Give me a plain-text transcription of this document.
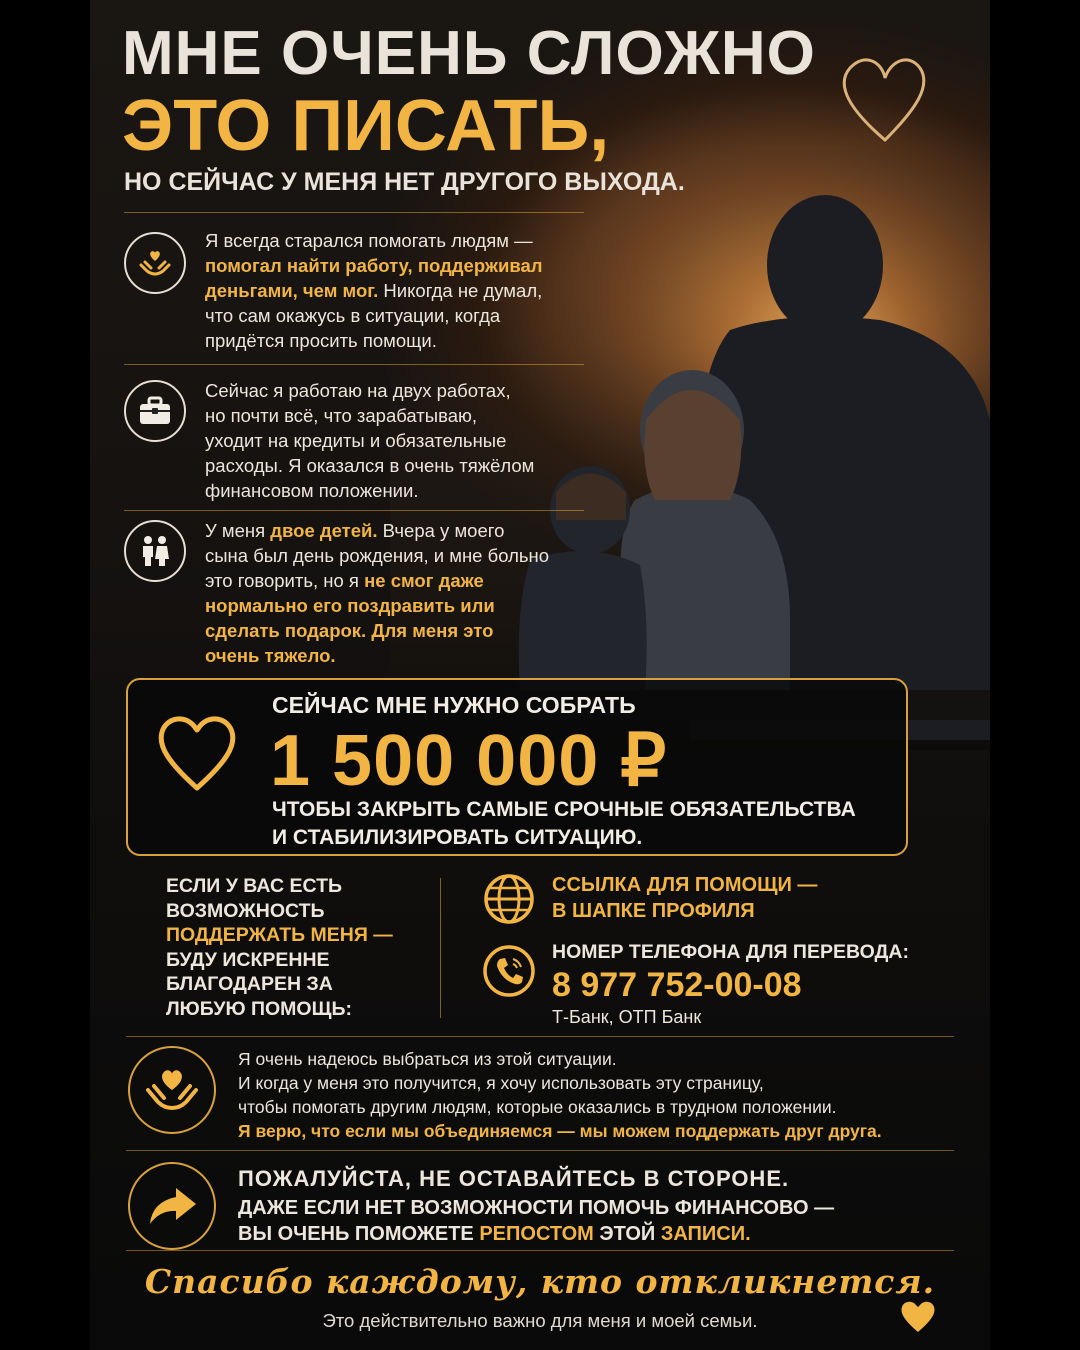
МНЕ ОЧЕНЬ СЛОЖНО
ЭТО ПИСАТЬ,
НО СЕЙЧАС У МЕНЯ НЕТ ДРУГОГО ВЫХОДА.
Я всегда старался помогать людям —
помогал найти работу, поддерживал
деньгами, чем мог. Никогда не думал,
что сам окажусь в ситуации, когда
придётся просить помощи.
Сейчас я работаю на двух работах,
но почти всё, что зарабатываю,
уходит на кредиты и обязательные
расходы. Я оказался в очень тяжёлом
финансовом положении.
У меня двое детей. Вчера у моего
сына был день рождения, и мне больно
это говорить, но я не смог даже
нормально его поздравить или
сделать подарок. Для меня это
очень тяжело.
СЕЙЧАС МНЕ НУЖНО СОБРАТЬ
1 500 000 ₽
ЧТОБЫ ЗАКРЫТЬ САМЫЕ СРОЧНЫЕ ОБЯЗАТЕЛЬСТВА
И СТАБИЛИЗИРОВАТЬ СИТУАЦИЮ.
ЕСЛИ У ВАС ЕСТЬ
ВОЗМОЖНОСТЬ
ПОДДЕРЖАТЬ МЕНЯ —
БУДУ ИСКРЕННЕ
БЛАГОДАРЕН ЗА
ЛЮБУЮ ПОМОЩЬ:
ССЫЛКА ДЛЯ ПОМОЩИ —
В ШАПКЕ ПРОФИЛЯ
НОМЕР ТЕЛЕФОНА ДЛЯ ПЕРЕВОДА:
8 977 752-00-08
Т-Банк, ОТП Банк
Я очень надеюсь выбраться из этой ситуации.
И когда у меня это получится, я хочу использовать эту страницу,
чтобы помогать другим людям, которые оказались в трудном положении.
Я верю, что если мы объединяемся — мы можем поддержать друг друга.
ПОЖАЛУЙСТА, НЕ ОСТАВАЙТЕСЬ В СТОРОНЕ.
ДАЖЕ ЕСЛИ НЕТ ВОЗМОЖНОСТИ ПОМОЧЬ ФИНАНСОВО —
ВЫ ОЧЕНЬ ПОМОЖЕТЕ РЕПОСТОМ ЭТОЙ ЗАПИСИ.
Спасибо каждому, кто откликнется.
Это действительно важно для меня и моей семьи.
